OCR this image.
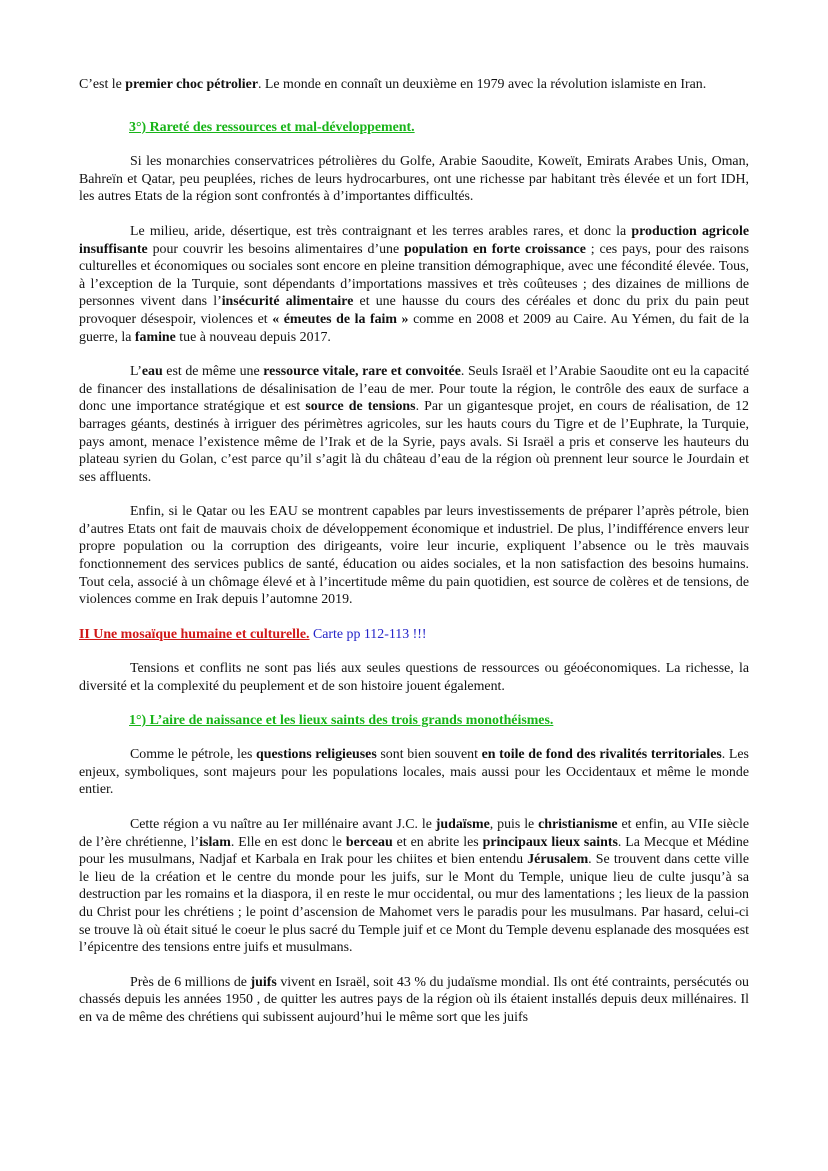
C’est le premier choc pétrolier. Le monde en connaît un deuxième en 1979 avec la révolution islamiste en Iran.

3°) Rareté des ressources et mal-développement.

Si les monarchies conservatrices pétrolières du Golfe, Arabie Saoudite, Koweït, Emirats Arabes Unis, Oman, Bahreïn et Qatar, peu peuplées, riches de leurs hydrocarbures, ont une richesse par habitant très élevée et un fort IDH, les autres Etats de la région sont confrontés à d’importantes difficultés.

Le milieu, aride, désertique, est très contraignant et les terres arables rares, et donc la production agricole insuffisante pour couvrir les besoins alimentaires d’une population en forte croissance ; ces pays, pour des raisons culturelles et économiques ou sociales sont encore en pleine transition démographique, avec une fécondité élevée. Tous, à l’exception de la Turquie, sont dépendants d’importations massives et très coûteuses ; des dizaines de millions de personnes vivent dans l’insécurité alimentaire et une hausse du cours des céréales et donc du prix du pain peut provoquer désespoir, violences et « émeutes de la faim » comme en 2008 et 2009 au Caire. Au Yémen, du fait de la guerre, la famine tue à nouveau depuis 2017.

L’eau est de même une ressource vitale, rare et convoitée. Seuls Israël et l’Arabie Saoudite ont eu la capacité de financer des installations de désalinisation de l’eau de mer. Pour toute la région, le contrôle des eaux de surface a donc une importance stratégique et est source de tensions. Par un gigantesque projet, en cours de réalisation, de 12 barrages géants, destinés à irriguer des périmètres agricoles, sur les hauts cours du Tigre et de l’Euphrate, la Turquie, pays amont, menace l’existence même de l’Irak et de la Syrie, pays avals. Si Israël a pris et conserve les hauteurs du plateau syrien du Golan, c’est parce qu’il s’agit là du château d’eau de la région où prennent leur source le Jourdain et ses affluents.

Enfin, si le Qatar ou les EAU se montrent capables par leurs investissements de préparer l’après pétrole, bien d’autres Etats ont fait de mauvais choix de développement économique et industriel. De plus, l’indifférence envers leur propre population ou la corruption des dirigeants, voire leur incurie, expliquent l’absence ou le très mauvais fonctionnement des services publics de santé, éducation ou aides sociales, et la non satisfaction des besoins humains. Tout cela, associé à un chômage élevé et à l’incertitude même du pain quotidien, est source de colères et de tensions, de violences comme en Irak depuis l’automne 2019.

II Une mosaïque humaine et culturelle. Carte pp 112-113 !!!

Tensions et conflits ne sont pas liés aux seules questions de ressources ou géoéconomiques. La richesse, la diversité et la complexité du peuplement et de son histoire jouent également.

1°) L’aire de naissance et les lieux saints des trois grands monothéismes.

Comme le pétrole, les questions religieuses sont bien souvent en toile de fond des rivalités territoriales. Les enjeux, symboliques, sont majeurs pour les populations locales, mais aussi pour les Occidentaux et même le monde entier.

Cette région a vu naître au Ier millénaire avant J.C. le judaïsme, puis le christianisme et enfin, au VIIe siècle de l’ère chrétienne, l’islam. Elle en est donc le berceau et en abrite les principaux lieux saints. La Mecque et Médine pour les musulmans, Nadjaf et Karbala en Irak pour les chiites et bien entendu Jérusalem. Se trouvent dans cette ville le lieu de la création et le centre du monde pour les juifs, sur le Mont du Temple, unique lieu de culte jusqu’à sa destruction par les romains et la diaspora, il en reste le mur occidental, ou mur des lamentations ; les lieux de la passion du Christ pour les chrétiens ; le point d’ascension de Mahomet vers le paradis pour les musulmans. Par hasard, celui-ci se trouve là où était situé le coeur le plus sacré du Temple juif et ce Mont du Temple devenu esplanade des mosquées est l’épicentre des tensions entre juifs et musulmans.

Près de 6 millions de juifs vivent en Israël, soit 43 % du judaïsme mondial. Ils ont été contraints, persécutés ou chassés depuis les années 1950 , de quitter les autres pays de la région où ils étaient installés depuis deux millénaires. Il en va de même des chrétiens qui subissent aujourd’hui le même sort que les juifs
